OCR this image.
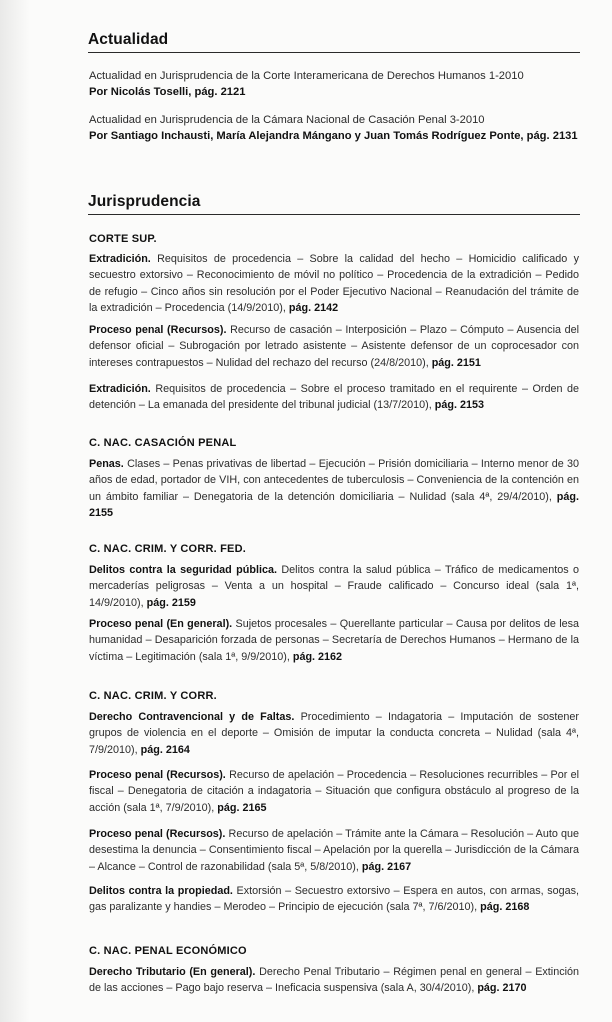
Actualidad
Actualidad en Jurisprudencia de la Corte Interamericana de Derechos Humanos 1-2010
Por Nicolás Toselli, pág. 2121
Actualidad en Jurisprudencia de la Cámara Nacional de Casación Penal 3-2010
Por Santiago Inchausti, María Alejandra Mángano y Juan Tomás Rodríguez Ponte, pág. 2131
Jurisprudencia
CORTE SUP.

Extradición. Requisitos de procedencia – Sobre la calidad del hecho – Homicidio calificado y secuestro extorsivo – Reconocimiento de móvil no político – Procedencia de la extradición – Pedido de refugio – Cinco años sin resolución por el Poder Ejecutivo Nacional – Reanudación del trámite de la extradición – Procedencia (14/9/2010), pág. 2142

Proceso penal (Recursos). Recurso de casación – Interposición – Plazo – Cómputo – Ausencia del defensor oficial – Subrogación por letrado asistente – Asistente defensor de un coprocesador con intereses contrapuestos – Nulidad del rechazo del recurso (24/8/2010), pág. 2151

Extradición. Requisitos de procedencia – Sobre el proceso tramitado en el requirente – Orden de detención – La emanada del presidente del tribunal judicial (13/7/2010), pág. 2153

C. NAC. CASACIÓN PENAL

Penas. Clases – Penas privativas de libertad – Ejecución – Prisión domiciliaria – Interno menor de 30 años de edad, portador de VIH, con antecedentes de tuberculosis – Conveniencia de la contención en un ámbito familiar – Denegatoria de la detención domiciliaria – Nulidad (sala 4ª, 29/4/2010), pág. 2155

C. NAC. CRIM. Y CORR. FED.

Delitos contra la seguridad pública. Delitos contra la salud pública – Tráfico de medicamentos o mercaderías peligrosas – Venta a un hospital – Fraude calificado – Concurso ideal (sala 1ª, 14/9/2010), pág. 2159

Proceso penal (En general). Sujetos procesales – Querellante particular – Causa por delitos de lesa humanidad – Desaparición forzada de personas – Secretaría de Derechos Humanos – Hermano de la víctima – Legitimación (sala 1ª, 9/9/2010), pág. 2162

C. NAC. CRIM. Y CORR.

Derecho Contravencional y de Faltas. Procedimiento – Indagatoria – Imputación de sostener grupos de violencia en el deporte – Omisión de imputar la conducta concreta – Nulidad (sala 4ª, 7/9/2010), pág. 2164

Proceso penal (Recursos). Recurso de apelación – Procedencia – Resoluciones recurribles – Por el fiscal – Denegatoria de citación a indagatoria – Situación que configura obstáculo al progreso de la acción (sala 1ª, 7/9/2010), pág. 2165

Proceso penal (Recursos). Recurso de apelación – Trámite ante la Cámara – Resolución – Auto que desestima la denuncia – Consentimiento fiscal – Apelación por la querella – Jurisdicción de la Cámara – Alcance – Control de razonabilidad (sala 5ª, 5/8/2010), pág. 2167

Delitos contra la propiedad. Extorsión – Secuestro extorsivo – Espera en autos, con armas, sogas, gas paralizante y handies – Merodeo – Principio de ejecución (sala 7ª, 7/6/2010), pág. 2168

C. NAC. PENAL ECONÓMICO

Derecho Tributario (En general). Derecho Penal Tributario – Régimen penal en general – Extinción de las acciones – Pago bajo reserva – Ineficacia suspensiva (sala A, 30/4/2010), pág. 2170
